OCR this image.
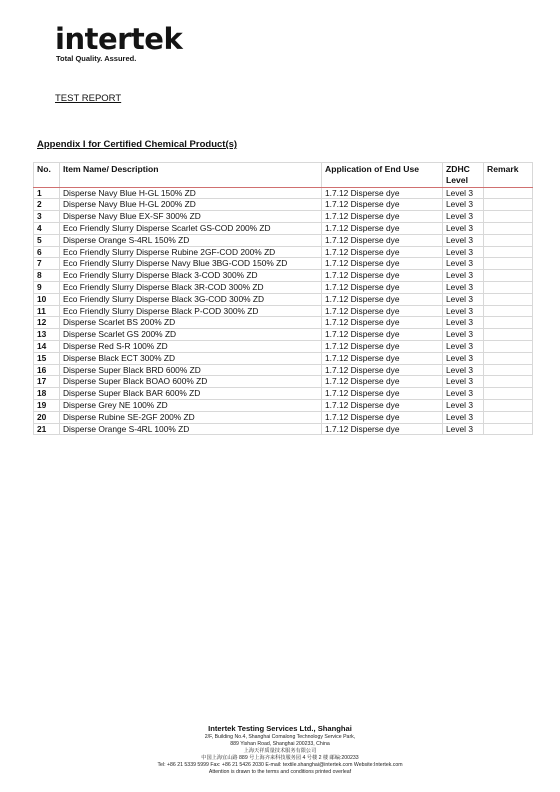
intertek
Total Quality. Assured.
TEST REPORT
Appendix I for Certified Chemical Product(s)
No.	Item Name/ Description	Application of End Use	ZDHC Level	Remark
1	Disperse Navy Blue H-GL 150% ZD	1.7.12 Disperse dye	Level 3	
2	Disperse Navy Blue H-GL 200% ZD	1.7.12 Disperse dye	Level 3	
3	Disperse Navy Blue EX-SF 300% ZD	1.7.12 Disperse dye	Level 3	
4	Eco Friendly Slurry Disperse Scarlet GS-COD 200% ZD	1.7.12 Disperse dye	Level 3	
5	Disperse Orange S-4RL 150% ZD	1.7.12 Disperse dye	Level 3	
6	Eco Friendly Slurry Disperse Rubine 2GF-COD 200% ZD	1.7.12 Disperse dye	Level 3	
7	Eco Friendly Slurry Disperse Navy Blue 3BG-COD 150% ZD	1.7.12 Disperse dye	Level 3	
8	Eco Friendly Slurry Disperse Black 3-COD 300% ZD	1.7.12 Disperse dye	Level 3	
9	Eco Friendly Slurry Disperse Black 3R-COD 300% ZD	1.7.12 Disperse dye	Level 3	
10	Eco Friendly Slurry Disperse Black 3G-COD 300% ZD	1.7.12 Disperse dye	Level 3	
11	Eco Friendly Slurry Disperse Black P-COD 300% ZD	1.7.12 Disperse dye	Level 3	
12	Disperse Scarlet BS 200% ZD	1.7.12 Disperse dye	Level 3	
13	Disperse Scarlet GS 200% ZD	1.7.12 Disperse dye	Level 3	
14	Disperse Red S-R 100% ZD	1.7.12 Disperse dye	Level 3	
15	Disperse Black ECT 300% ZD	1.7.12 Disperse dye	Level 3	
16	Disperse Super Black BRD 600% ZD	1.7.12 Disperse dye	Level 3	
17	Disperse Super Black BOAO 600% ZD	1.7.12 Disperse dye	Level 3	
18	Disperse Super Black BAR 600% ZD	1.7.12 Disperse dye	Level 3	
19	Disperse Grey NE 100% ZD	1.7.12 Disperse dye	Level 3	
20	Disperse Rubine SE-2GF 200% ZD	1.7.12 Disperse dye	Level 3	
21	Disperse Orange S-4RL 100% ZD	1.7.12 Disperse dye	Level 3	
Intertek Testing Services Ltd., Shanghai
2/F, Building No.4, Shanghai Comalong Technology Service Park,
889 Yishan Road, Shanghai 200233, China
上海天祥质量技术服务有限公司
中国上海宜山路 889 号上海齐来科技服务园 4 号楼 2 楼 邮编:200233
Tel: +86 21 5339 5999 Fax: +86 21 5426 2030 E-mail: textile.shanghai@intertek.com Website:Intertek.com
Attention is drawn to the terms and conditions printed overleaf
